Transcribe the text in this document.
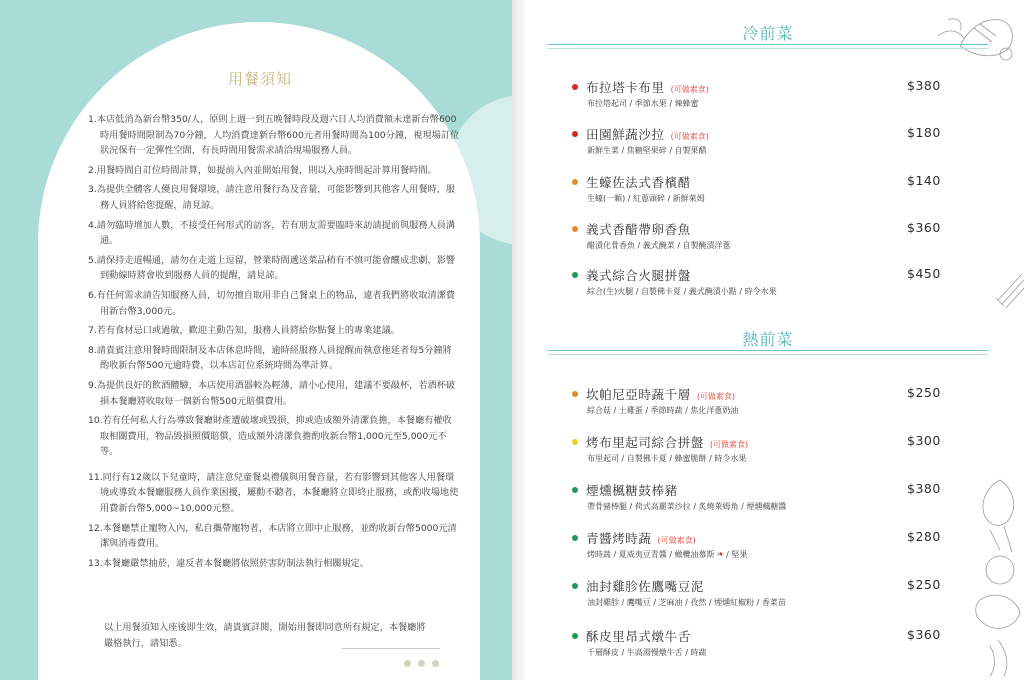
用餐須知

1.本店低消為新台幣350/人，原則上週一到五晚餐時段及週六日人均消費額未達新台幣600時用餐時間限制為70分鐘，人均消費達新台幣600元者用餐時間為100分鐘，視現場訂位狀況保有一定彈性空間，有長時間用餐需求請洽現場服務人員。

2.用餐時間自訂位時間計算，如提前入內並開始用餐，則以入座時間起計算用餐時間。

3.為提供全體客人優良用餐環境，請注意用餐行為及音量，可能影響到其他客人用餐時，服務人員將給您提醒，請見諒。

4.請勿臨時增加人數，不接受任何形式的訪客，若有朋友需要臨時來訪請提前與服務人員溝通。

5.請保持走道暢通，請勿在走道上逗留，營業時間遞送菜品稍有不慎可能會釀成悲劇，影響到動線時將會收到服務人員的提醒，請見諒。

6.有任何需求請告知服務人員，切勿擅自取用非自己餐桌上的物品，違者我們將收取清潔費用新台幣3,000元。

7.若有食材忌口或過敏，歡迎主動告知，服務人員將給你點餐上的專業建議。

8.請貴賓注意用餐時間限制及本店休息時間，逾時經服務人員提醒而執意拖延者每5分鐘將酌收新台幣500元逾時費，以本店訂位系統時間為準計算。

9.為提供良好的飲酒體驗，本店使用酒器較為輕薄，請小心使用，建議不要敲杯，若酒杯破損本餐廳將收取每一個新台幣500元賠償費用。

10.若有任何私人行為導致餐廳財產遭破壞或毀損，抑或造成額外清潔負擔，本餐廳有權收取相關費用，物品毀損照價賠償，造成額外清潔負擔酌收新台幣1,000元至5,000元不等。

11.同行有12歲以下兒童時，請注意兒童餐桌禮儀與用餐音量，若有影響到其他客人用餐環境或導致本餐廳服務人員作業困擾，屢勸不聽者，本餐廳將立即終止服務，或酌收場地使用費新台幣5,000~10,000元整。

12.本餐廳禁止寵物入內，私自攜帶寵物者，本店將立即中止服務，並酌收新台幣5000元清潔與消毒費用。

13.本餐廳嚴禁抽菸，違反者本餐廳將依照菸害防制法執行相關規定。

以上用餐須知入座後即生效，請貴賓詳閱，開始用餐即同意所有規定，本餐廳將嚴格執行，請知悉。
冷前菜
布拉塔卡布里 (可做素食)	$380
布拉塔起司 / 季節水果 / 辣蜂蜜
田園鮮蔬沙拉 (可做素食)	$180
新鮮生菜 / 焦糖堅果碎 / 自製果醋
生蠔佐法式香檳醋	$140
生蠔(一顆) / 紅蔥頭碎 / 新鮮萊姆
義式香醋帶卵香魚	$360
醋漬化骨香魚 / 義式醃菜 / 自製醃漬洋蔥
義式綜合火腿拼盤	$450
綜合(生)火腿 / 自製佛卡夏 / 義式醃漬小點 / 時令水果
熱前菜
坎帕尼亞時蔬千層 (可做素食)	$250
綜合菇 / 土雞蛋 / 季節時蔬 / 焦化洋蔥奶油
烤布里起司綜合拼盤 (可做素食)	$300
布里起司 / 自製佛卡夏 / 蜂蜜脆餅 / 時令水果
煙燻楓糖鼓棒豬	$380
帶骨豬棒腿 / 荷式高麗菜沙拉 / 炙燒萊姆角 / 煙燻楓糖醬
青醬烤時蔬 (可做素食)	$280
烤時蔬 / 夏威夷豆青醬 / 橄欖油慕斯 ❧ / 堅果
油封雞胗佐鷹嘴豆泥	$250
油封雞胗 / 鷹嘴豆 / 芝麻油 / 孜然 / 煙燻紅椒粉 / 香菜苗
酥皮里昂式燉牛舌	$360
千層酥皮 / 牛高湯慢燉牛舌 / 時蔬
